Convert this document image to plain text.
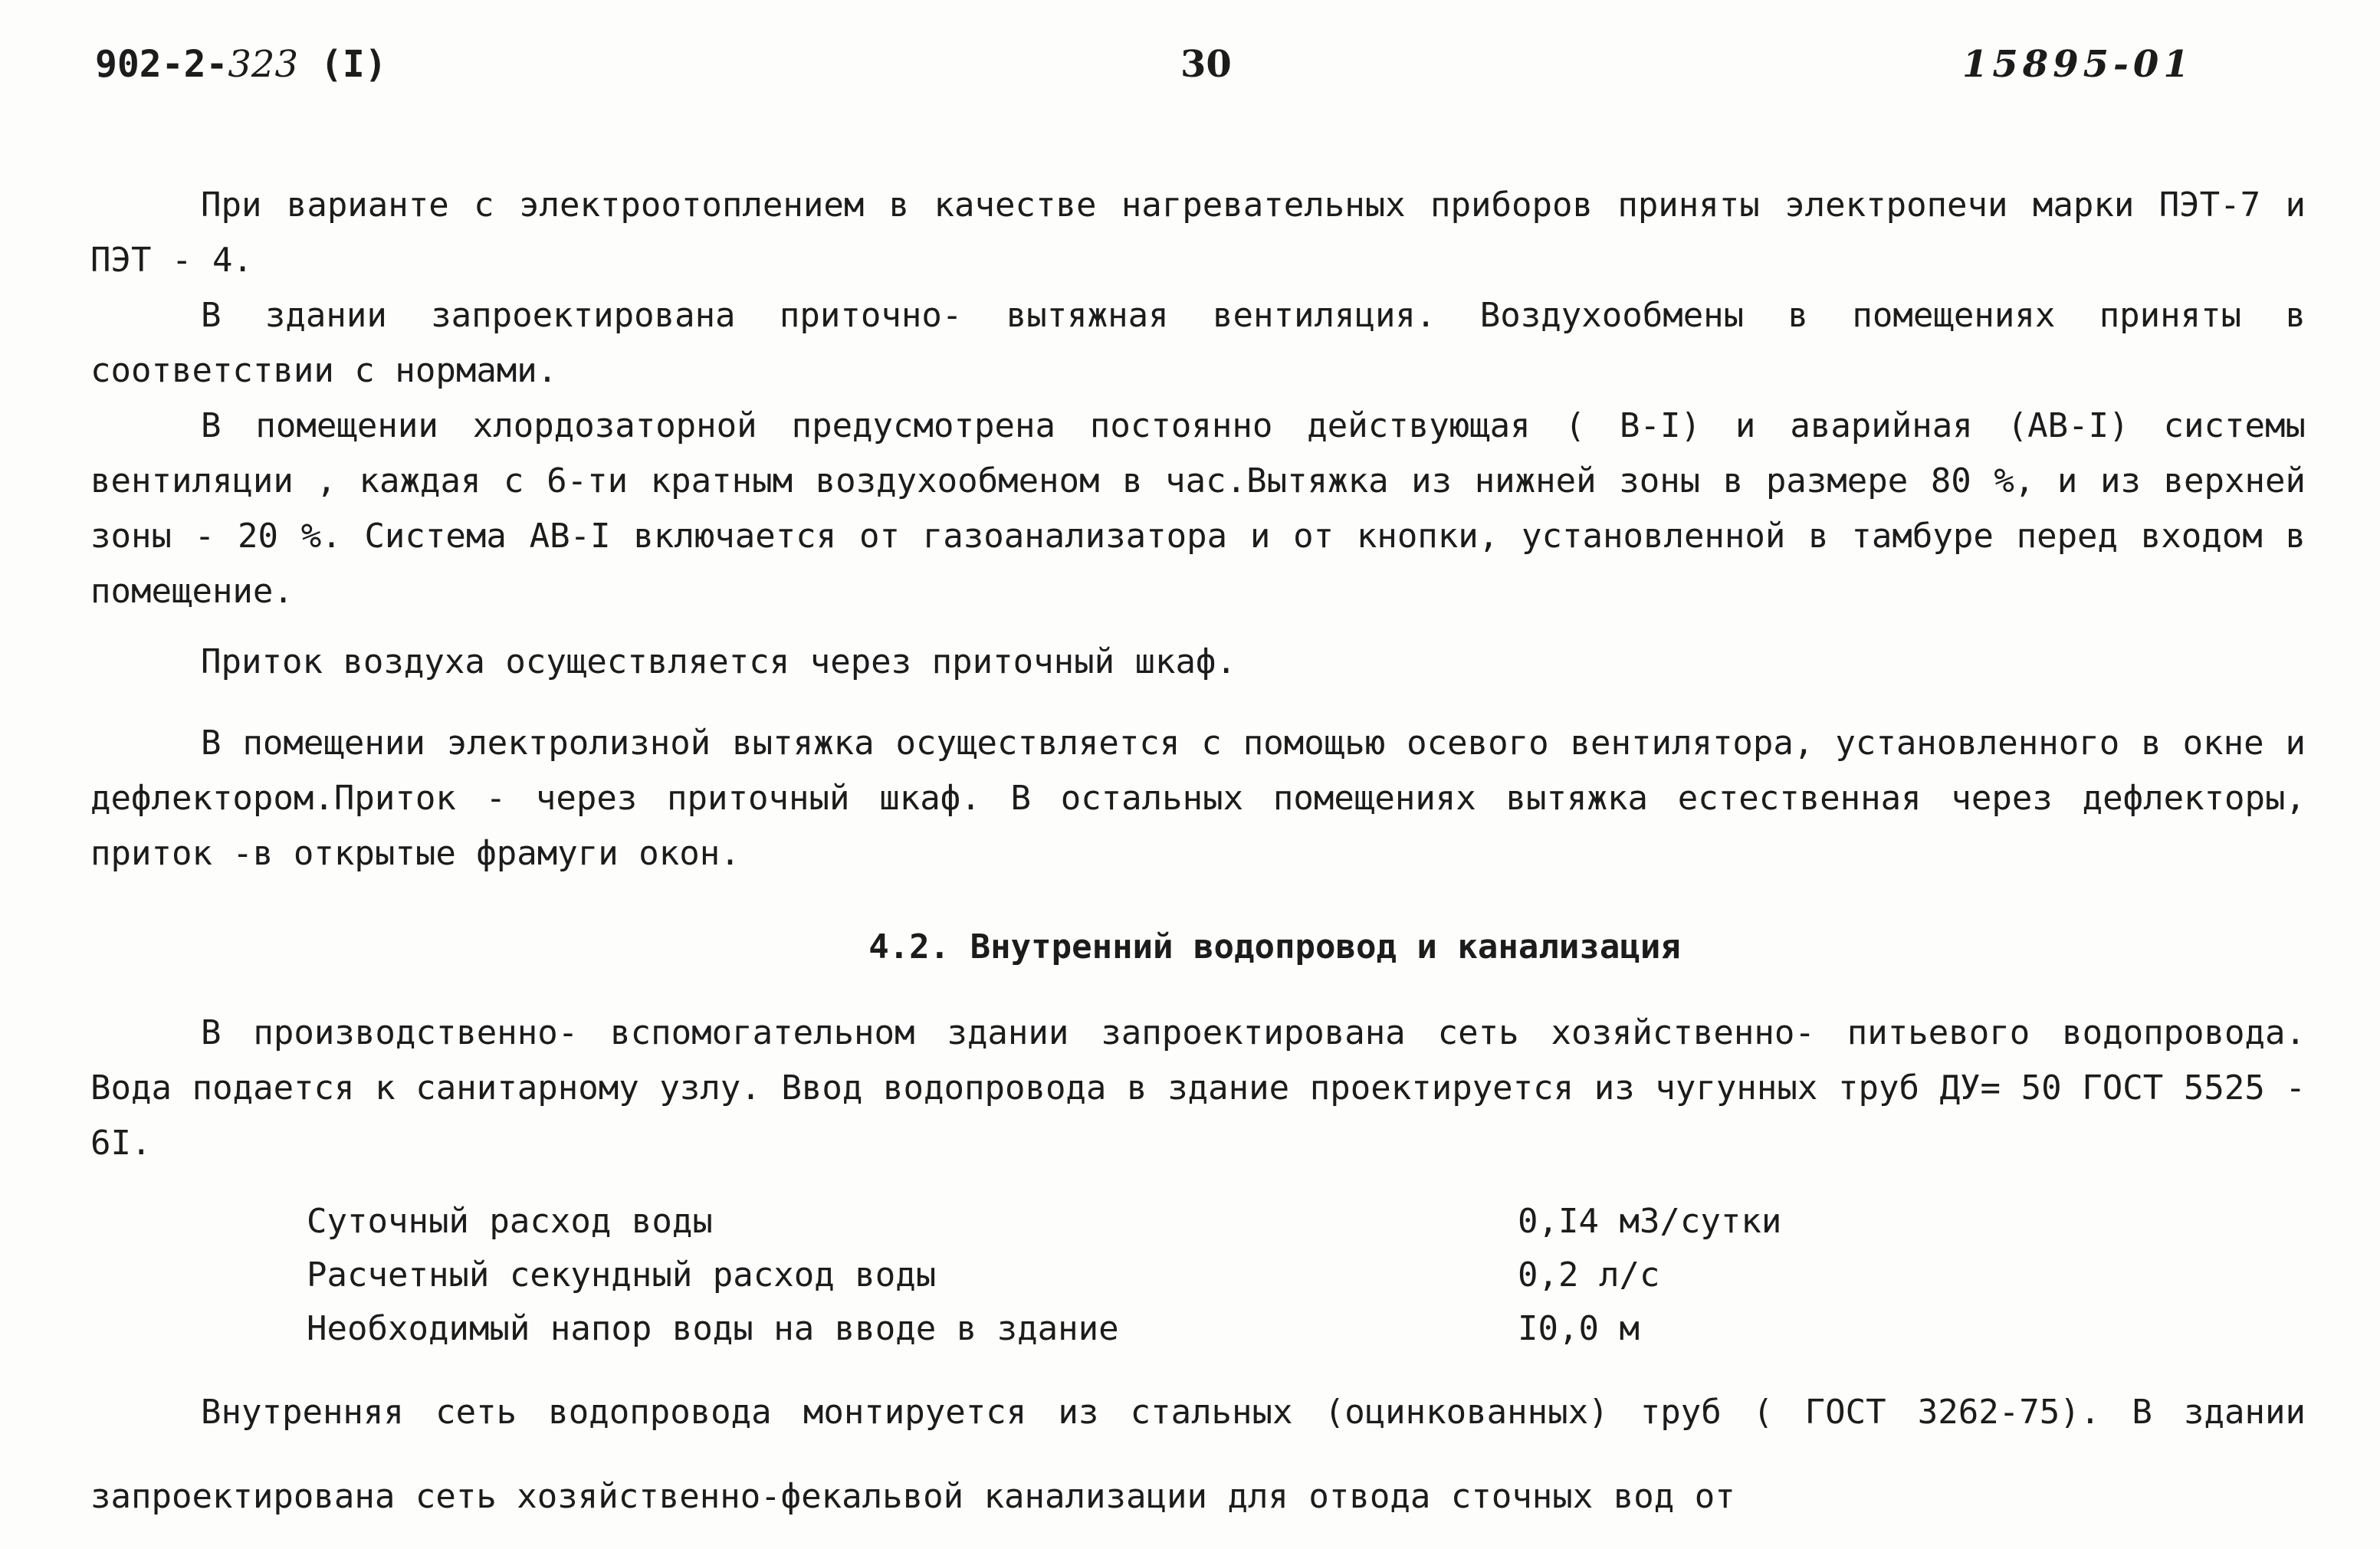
902-2-323 (I)	30	15895-01

При варианте с электроотоплением в качестве нагревательных приборов приняты электропечи марки ПЭТ-7 и ПЭТ - 4.

В здании запроектирована приточно- вытяжная вентиляция. Воздухообмены в помещениях приняты в соответствии с нормами.

В помещении хлордозаторной предусмотрена постоянно действующая ( В-I) и аварийная (АВ-I) системы вентиляции , каждая с 6-ти кратным воздухообменом в час.Вытяжка из нижней зоны в размере 80 %, и из верхней зоны - 20 %. Система АВ-I включается от газоанализатора и от кнопки, установленной в тамбуре перед входом в помещение.

Приток воздуха осуществляется через приточный шкаф.

В помещении электролизной вытяжка осуществляется с помощью осевого вентилятора, установленного в окне и дефлектором.Приток - через приточный шкаф. В остальных помещениях вытяжка естественная через дефлекторы, приток -в открытые фрамуги окон.

4.2. Внутренний водопровод и канализация

В производственно- вспомогательном здании запроектирована сеть хозяйственно- питьевого водопровода. Вода подается к санитарному узлу. Ввод водопровода в здание проектируется из чугунных труб ДУ= 50 ГОСТ 5525 - 6I.

Суточный расход воды	0,I4 м3/сутки
Расчетный секундный расход воды	0,2 л/с
Необходимый напор воды на вводе в здание	I0,0 м

Внутренняя сеть водопровода монтируется из стальных (оцинкованных) труб ( ГОСТ 3262-75). В здании запроектирована сеть хозяйственно-фекальвой канализации для отвода сточных вод от
